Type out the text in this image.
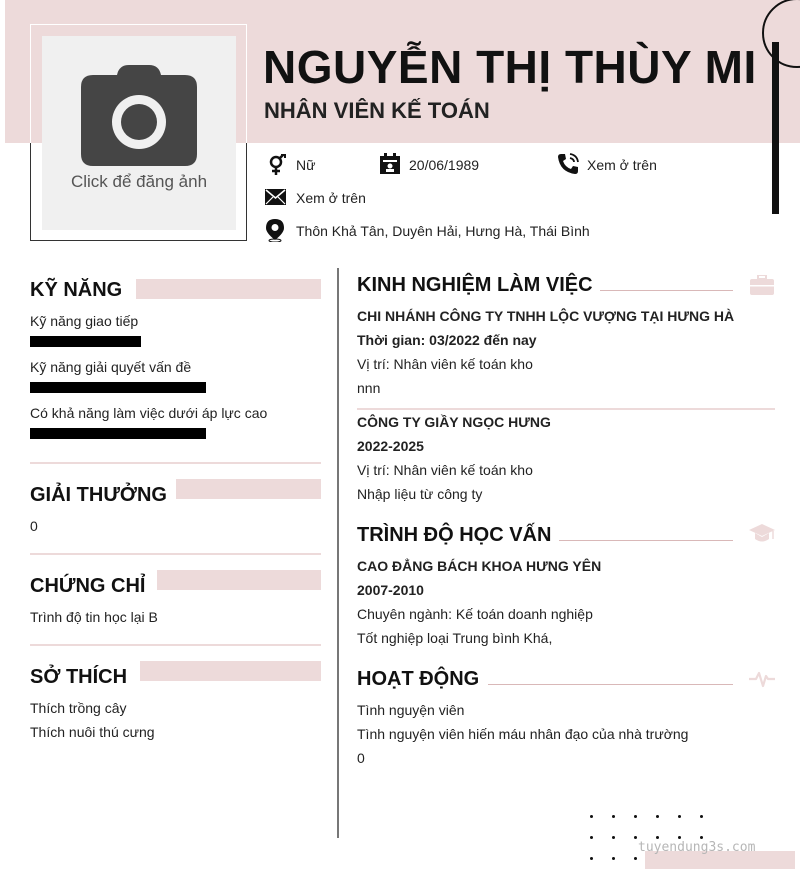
Click để đăng ảnh
NGUYỄN THỊ THÙY MI
NHÂN VIÊN KẾ TOÁN
Nữ	20/06/1989	Xem ở trên
Xem ở trên
Thôn Khả Tân, Duyên Hải, Hưng Hà, Thái Bình
KỸ NĂNG
Kỹ năng giao tiếp
Kỹ năng giải quyết vấn đề
Có khả năng làm việc dưới áp lực cao
GIẢI THƯỞNG
0
CHỨNG CHỈ
Trình độ tin học lại B
SỞ THÍCH
Thích trồng cây
Thích nuôi thú cưng
KINH NGHIỆM LÀM VIỆC
CHI NHÁNH CÔNG TY TNHH LỘC VƯỢNG TẠI HƯNG HÀ
Thời gian: 03/2022 đến nay
Vị trí: Nhân viên kế toán kho
nnn
CÔNG TY GIẦY NGỌC HƯNG
2022-2025
Vị trí: Nhân viên kế toán kho
Nhập liệu từ công ty
TRÌNH ĐỘ HỌC VẤN
CAO ĐẲNG BÁCH KHOA HƯNG YÊN
2007-2010
Chuyên ngành: Kế toán doanh nghiệp
Tốt nghiệp loại Trung bình Khá,
HOẠT ĐỘNG
Tình nguyện viên
Tình nguyện viên hiến máu nhân đạo của nhà trường
0
tuyendung3s.com
